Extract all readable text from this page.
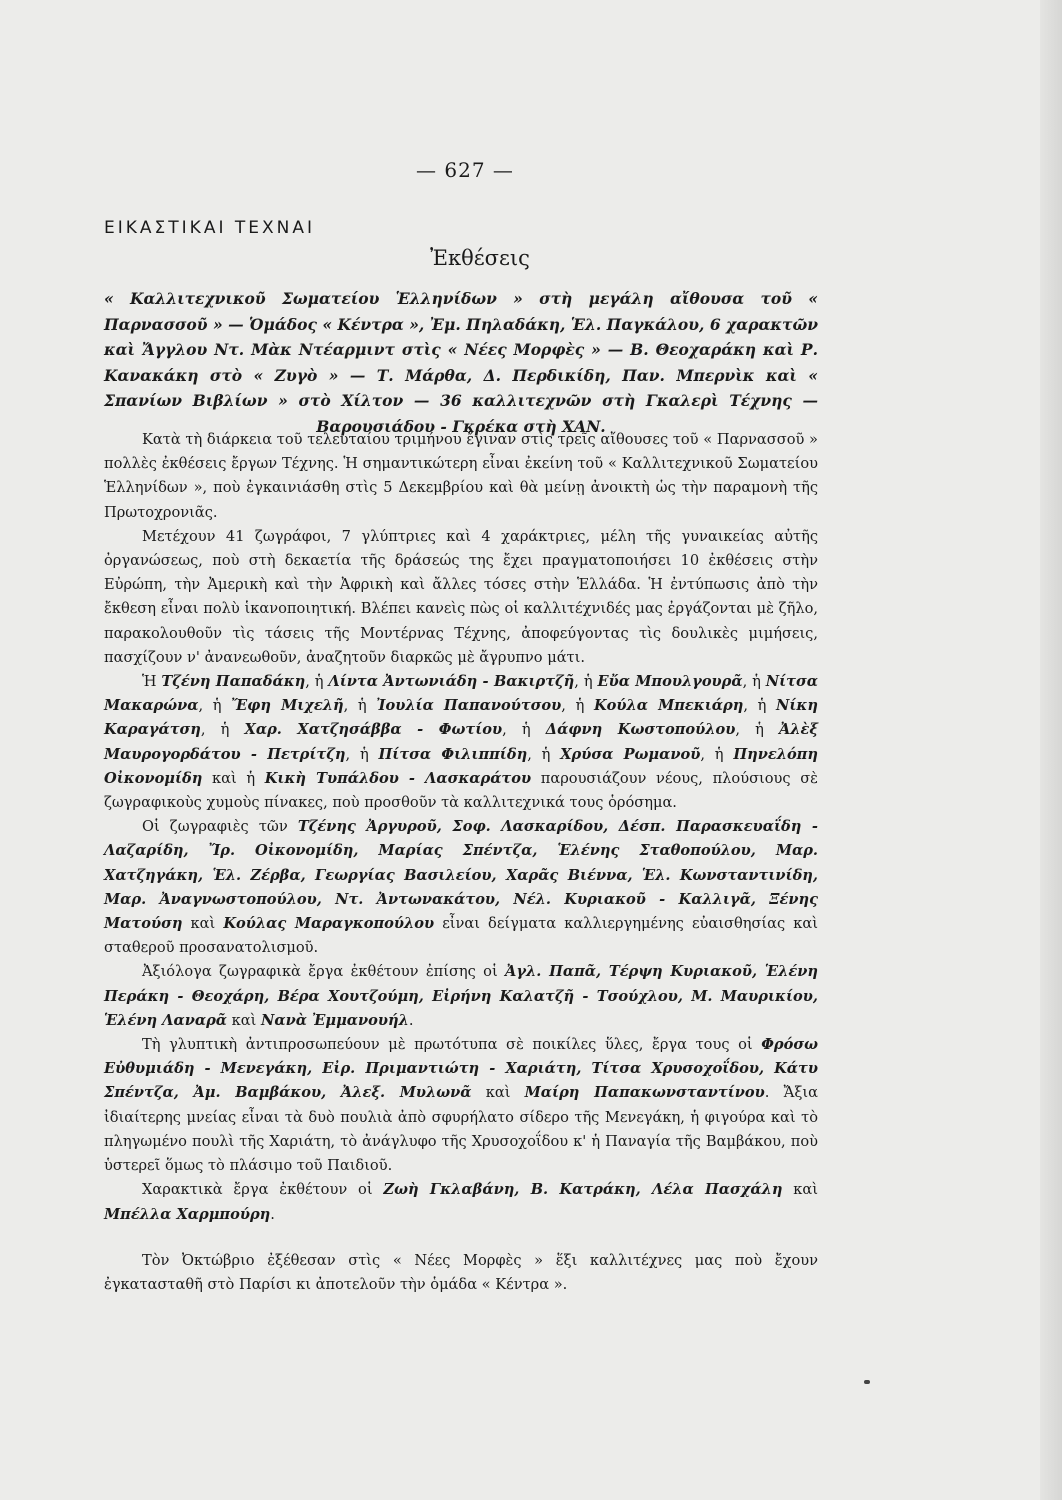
— 627 —
ΕΙΚΑΣΤΙΚΑΙ ΤΕΧΝΑΙ
Ἐκθέσεις
« Καλλιτεχνικοῦ Σωματείου Ἑλληνίδων » στὴ μεγάλη αἴθουσα τοῦ « Παρνασσοῦ » — Ὁμάδος « Κέντρα », Ἐμ. Πηλαδάκη, Ἑλ. Παγκάλου, 6 χαρακτῶν καὶ Ἄγγλου Ντ. Μὰκ Ντέαρμιντ στὶς « Νέες Μορφὲς » — Β. Θεοχαράκη καὶ Ρ. Κανακάκη στὸ « Ζυγὸ » — Τ. Μάρθα, Δ. Περδικίδη, Παν. Μπερνὶκ καὶ « Σπανίων Βιβλίων » στὸ Χίλτον — 36 καλλιτεχνῶν στὴ Γκαλερὶ Τέχνης — Βαρουσιάδου - Γκρέκα στὴ ΧΑΝ.

Κατὰ τὴ διάρκεια τοῦ τελευταίου τριμήνου ἔγιναν στὶς τρεῖς αἴθουσες τοῦ « Παρνασσοῦ » πολλὲς ἐκθέσεις ἔργων Τέχνης. Ἡ σημαντικώτερη εἶναι ἐκείνη τοῦ « Καλλιτεχνικοῦ Σωματείου Ἑλληνίδων », ποὺ ἐγκαινιάσθη στὶς 5 Δεκεμβρίου καὶ θὰ μείνῃ ἀνοικτὴ ὡς τὴν παραμονὴ τῆς Πρωτοχρονιᾶς.

Μετέχουν 41 ζωγράφοι, 7 γλύπτριες καὶ 4 χαράκτριες, μέλη τῆς γυναικείας αὐτῆς ὀργανώσεως, ποὺ στὴ δεκαετία τῆς δράσεώς της ἔχει πραγματοποιήσει 10 ἐκθέσεις στὴν Εὐρώπη, τὴν Ἀμερικὴ καὶ τὴν Ἀφρικὴ καὶ ἄλλες τόσες στὴν Ἑλλάδα. Ἡ ἐντύπωσις ἀπὸ τὴν ἔκθεση εἶναι πολὺ ἱκανοποιητική. Βλέπει κανεὶς πὼς οἱ καλλιτέχνιδές μας ἐργάζονται μὲ ζῆλο, παρακολουθοῦν τὶς τάσεις τῆς Μοντέρνας Τέχνης, ἀποφεύγοντας τὶς δουλικὲς μιμήσεις, πασχίζουν ν' ἀνανεωθοῦν, ἀναζητοῦν διαρκῶς μὲ ἄγρυπνο μάτι.

Ἡ Τζένη Παπαδάκη, ἡ Λίντα Ἀντωνιάδη - Βακιρτζῆ, ἡ Εὔα Μπουλγουρᾶ, ἡ Νίτσα Μακαρώνα, ἡ Ἔφη Μιχελῆ, ἡ Ἰουλία Παπανούτσου, ἡ Κούλα Μπεκιάρη, ἡ Νίκη Καραγάτση, ἡ Χαρ. Χατζησάββα - Φωτίου, ἡ Δάφνη Κωστοπούλου, ἡ Ἀλὲξ Μαυρογορδάτου - Πετρίτζη, ἡ Πίτσα Φιλιππίδη, ἡ Χρύσα Ρωμανοῦ, ἡ Πηνελόπη Οἰκονομίδη καὶ ἡ Κικὴ Τυπάλδου - Λασκαράτου παρουσιάζουν νέους, πλούσιους σὲ ζωγραφικοὺς χυμοὺς πίνακες, ποὺ προσθοῦν τὰ καλλιτεχνικά τους ὁρόσημα.

Οἱ ζωγραφιὲς τῶν Τζένης Ἀργυροῦ, Σοφ. Λασκαρίδου, Δέσπ. Παρασκευαΐδη - Λαζαρίδη, Ἴρ. Οἰκονομίδη, Μαρίας Σπέντζα, Ἑλένης Σταθοπούλου, Μαρ. Χατζηγάκη, Ἑλ. Ζέρβα, Γεωργίας Βασιλείου, Χαρᾶς Βιέννα, Ἑλ. Κωνσταντινίδη, Μαρ. Ἀναγνωστοπούλου, Ντ. Ἀντωνακάτου, Νέλ. Κυριακοῦ - Καλλιγᾶ, Ξένης Ματούση καὶ Κούλας Μαραγκοπούλου εἶναι δείγματα καλλιεργημένης εὐαισθησίας καὶ σταθεροῦ προσανατολισμοῦ.

Ἀξιόλογα ζωγραφικὰ ἔργα ἐκθέτουν ἐπίσης οἱ Ἀγλ. Παπᾶ, Τέρψη Κυριακοῦ, Ἑλένη Περάκη - Θεοχάρη, Βέρα Χουτζούμη, Εἰρήνη Καλατζῆ - Τσούχλου, Μ. Μαυρικίου, Ἑλένη Λαναρᾶ καὶ Νανὰ Ἐμμανουήλ.

Τὴ γλυπτικὴ ἀντιπροσωπεύουν μὲ πρωτότυπα σὲ ποικίλες ὕλες, ἔργα τους οἱ Φρόσω Εὐθυμιάδη - Μενεγάκη, Εἰρ. Πριμαντιώτη - Χαριάτη, Τίτσα Χρυσοχοΐδου, Κάτυ Σπέντζα, Ἀμ. Βαμβάκου, Ἀλεξ. Μυλωνᾶ καὶ Μαίρη Παπακωνσταντίνου. Ἄξια ἰδιαίτερης μνείας εἶναι τὰ δυὸ πουλιὰ ἀπὸ σφυρήλατο σίδερο τῆς Μενεγάκη, ἡ φιγούρα καὶ τὸ πληγωμένο πουλὶ τῆς Χαριάτη, τὸ ἀνάγλυφο τῆς Χρυσοχοΐδου κ' ἡ Παναγία τῆς Βαμβάκου, ποὺ ὑστερεῖ ὅμως τὸ πλάσιμο τοῦ Παιδιοῦ.

Χαρακτικὰ ἔργα ἐκθέτουν οἱ Ζωὴ Γκλαβάνη, Β. Κατράκη, Λέλα Πασχάλη καὶ Μπέλλα Χαρμπούρη.

Τὸν Ὀκτώβριο ἐξέθεσαν στὶς « Νέες Μορφὲς » ἕξι καλλιτέχνες μας ποὺ ἔχουν ἐγκατασταθῆ στὸ Παρίσι κι ἀποτελοῦν τὴν ὁμάδα « Κέντρα ».
